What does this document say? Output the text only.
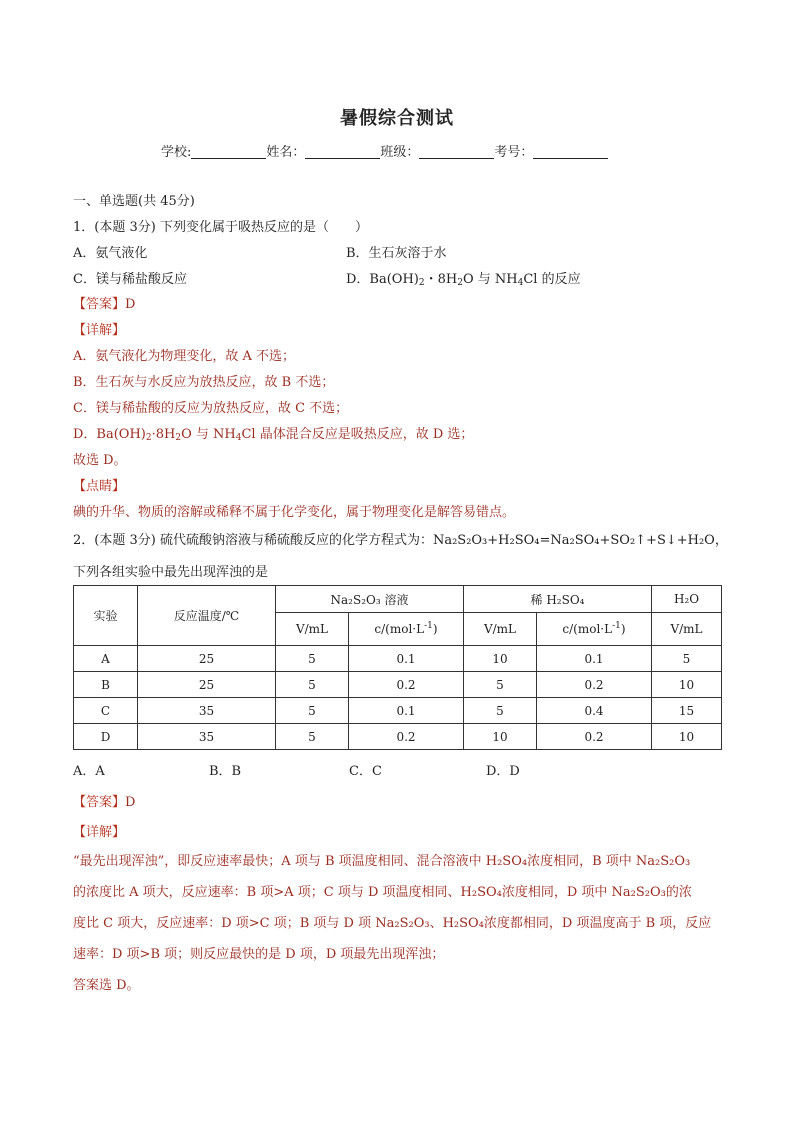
暑假综合测试
学校:	姓名：	班级：	考号：
一、单选题(共 45分)
1．(本题 3分) 下列变化属于吸热反应的是（　　）
A．氨气液化	B．生石灰溶于水
C．镁与稀盐酸反应	D．$Ba(OH)_2$・$8H_2O$ 与 $NH_4Cl$ 的反应
【答案】D
【详解】
A．氨气液化为物理变化，故 A 不选；
B．生石灰与水反应为放热反应，故 B 不选；
C．镁与稀盐酸的反应为放热反应，故 C 不选；
D．$Ba(OH)_2\cdot 8H_2O$ 与 $NH_4Cl$ 晶体混合反应是吸热反应，故 D 选；
故选 D。
【点睛】
碘的升华、物质的溶解或稀释不属于化学变化，属于物理变化是解答易错点。
2．(本题 3分) 硫代硫酸钠溶液与稀硫酸反应的化学方程式为：Na₂S₂O₃+H₂SO₄=Na₂SO₄+SO₂↑+S↓+H₂O，
下列各组实验中最先出现浑浊的是
实验	反应温度/℃	Na₂S₂O₃ 溶液		稀 H₂SO₄		H₂O
		V/mL	$c/(mol\cdot L^{-1})$	V/mL	$c/(mol\cdot L^{-1})$	V/mL
A	25	5	0.1	10	0.1	5
B	25	5	0.2	5	0.2	10
C	35	5	0.1	5	0.4	15
D	35	5	0.2	10	0.2	10
A．A	B．B	C．C	D．D
【答案】D
【详解】
“最先出现浑浊”，即反应速率最快；A 项与 B 项温度相同、混合溶液中 H₂SO₄浓度相同，B 项中 Na₂S₂O₃
的浓度比 A 项大，反应速率：B 项>A 项；C 项与 D 项温度相同、H₂SO₄浓度相同，D 项中 Na₂S₂O₃的浓
度比 C 项大，反应速率：D 项>C 项；B 项与 D 项 Na₂S₂O₃、H₂SO₄浓度都相同，D 项温度高于 B 项，反应
速率：D 项>B 项；则反应最快的是 D 项，D 项最先出现浑浊；
答案选 D。
